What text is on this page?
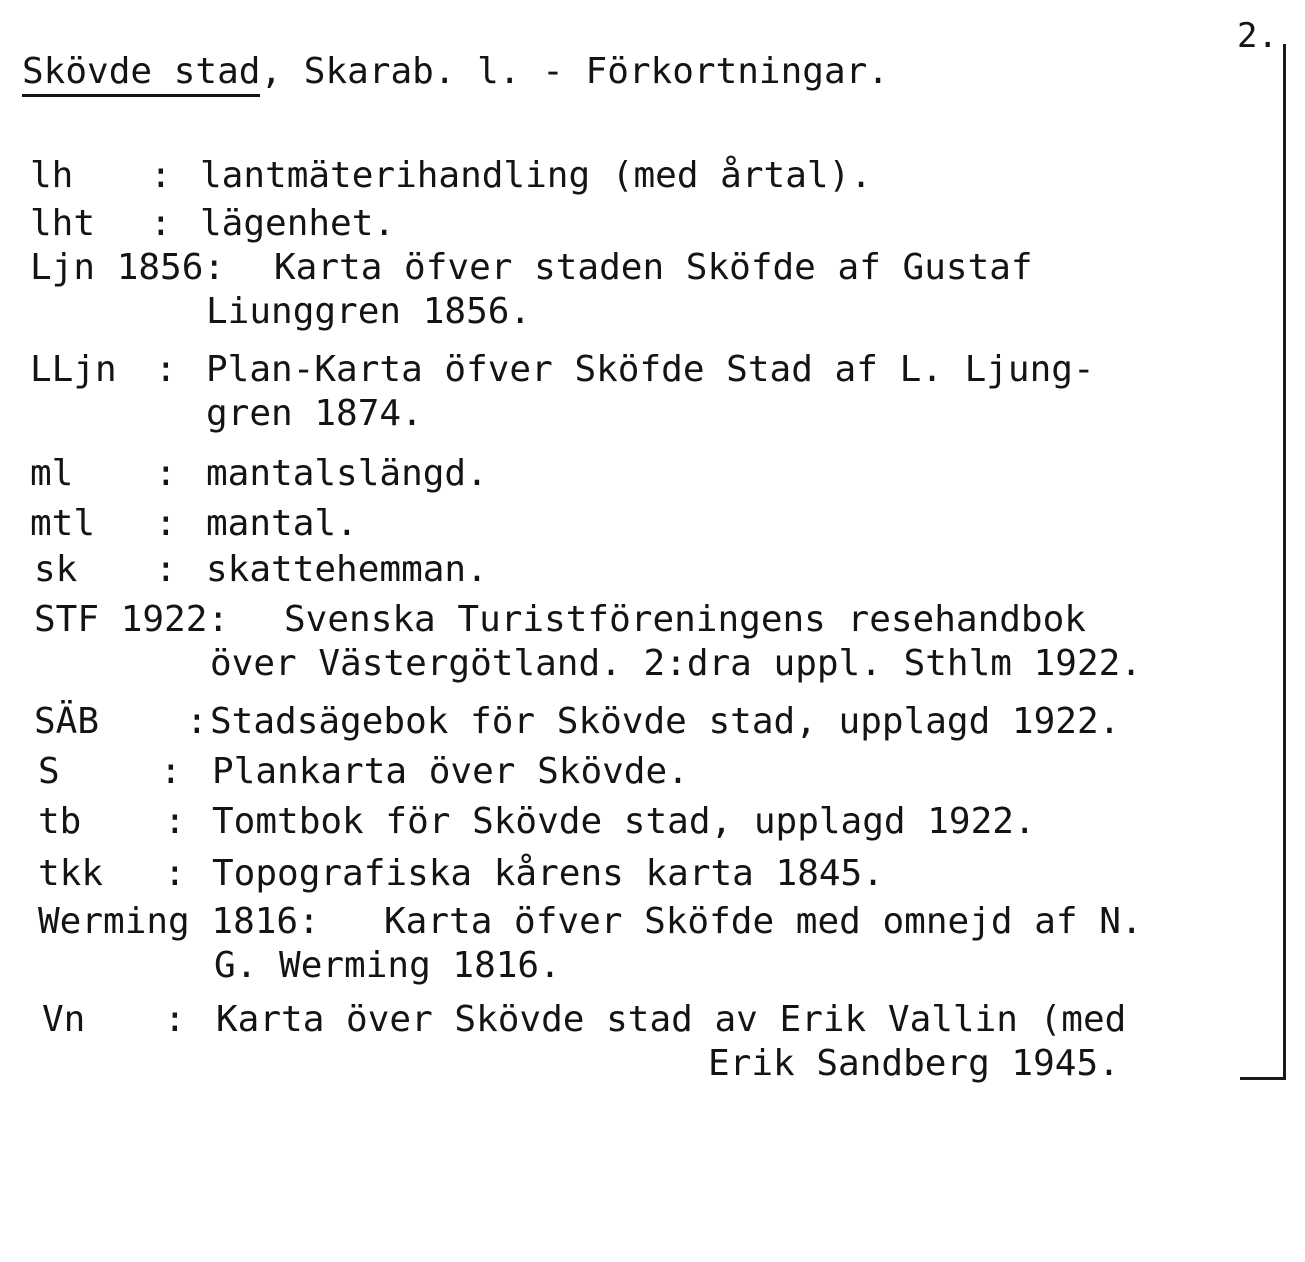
2.
Skövde stad, Skarab. l. - Förkortningar.

lh

:

lantmäterihandling (med årtal).

lht

:

lägenhet.

Ljn 1856:

Karta öfver staden Sköfde af Gustaf

Liunggren 1856.

LLjn

:

Plan-Karta öfver Sköfde Stad af L. Ljung-

gren 1874.

ml

:

mantalslängd.

mtl

:

mantal.

sk

:

skattehemman.

STF 1922:

Svenska Turistföreningens resehandbok

över Västergötland. 2:dra uppl. Sthlm 1922.

SÄB

:

Stadsägebok för Skövde stad, upplagd 1922.

S

	:

Plankarta över Skövde.

tb

:

Tomtbok för Skövde stad, upplagd 1922.

tkk

:

Topografiska kårens karta 1845.

Werming 1816:

Karta öfver Sköfde med omnejd af N.

G. Werming 1816.

Vn

:

Karta över Skövde stad av Erik Vallin (med

Erik Sandberg 1945.
